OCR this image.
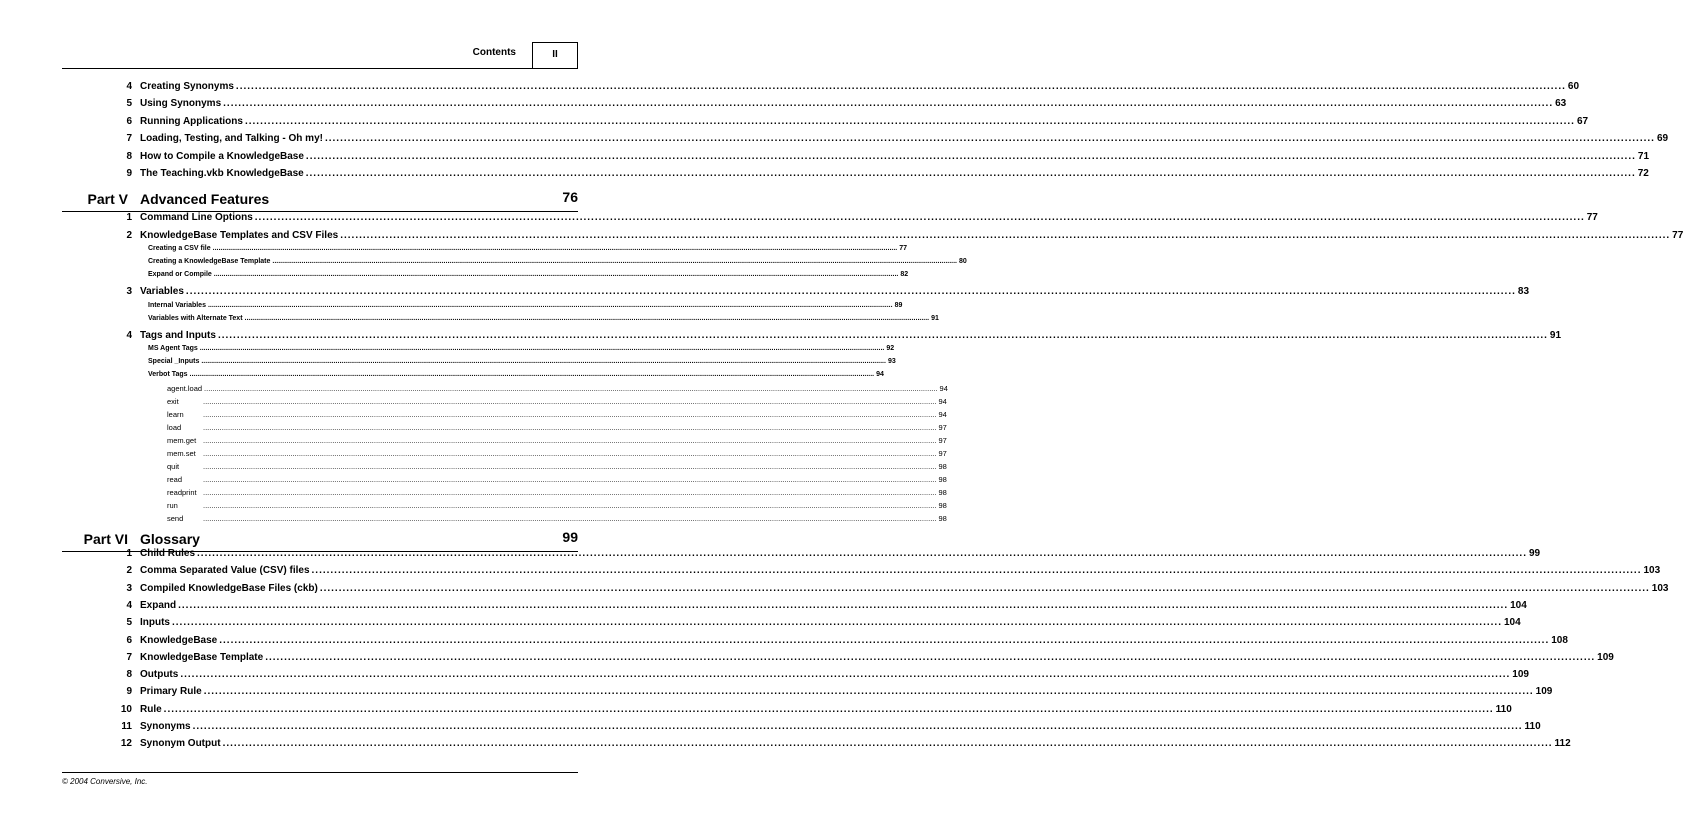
Contents	II
© 2004 Conversive, Inc.
4 Creating Synonyms .....	60
5 Using Synonyms .....	63
6 Running Applications .....	67
7 Loading, Testing, and Talking - Oh my! .....	69
8 How to Compile a KnowledgeBase .....	71
9 The Teaching.vkb KnowledgeBase .....	72
Part V Advanced Features	76
1 Command Line Options .....	77
2 KnowledgeBase Templates and CSV Files .....	77
Creating a CSV file .....	77
Creating a KnowledgeBase Template .....	80
Expand or Compile .....	82
3 Variables .....	83
Internal Variables .....	89
Variables with Alternate Text .....	91
4 Tags and Inputs .....	91
MS Agent Tags .....	92
Special _Inputs .....	93
Verbot Tags .....	94
agent.load .....	94
exit .....	94
learn .....	94
load .....	97
mem.get .....	97
mem.set .....	97
quit .....	98
read .....	98
readprint .....	98
run .....	98
send .....	98
Part VI Glossary	99
1 Child Rules .....	99
2 Comma Separated Value (CSV) files .....	103
3 Compiled KnowledgeBase Files (ckb) .....	103
4 Expand .....	104
5 Inputs .....	104
6 KnowledgeBase .....	108
7 KnowledgeBase Template .....	109
8 Outputs .....	109
9 Primary Rule .....	109
10 Rule .....	110
11 Synonyms .....	110
12 Synonym Output .....	112
